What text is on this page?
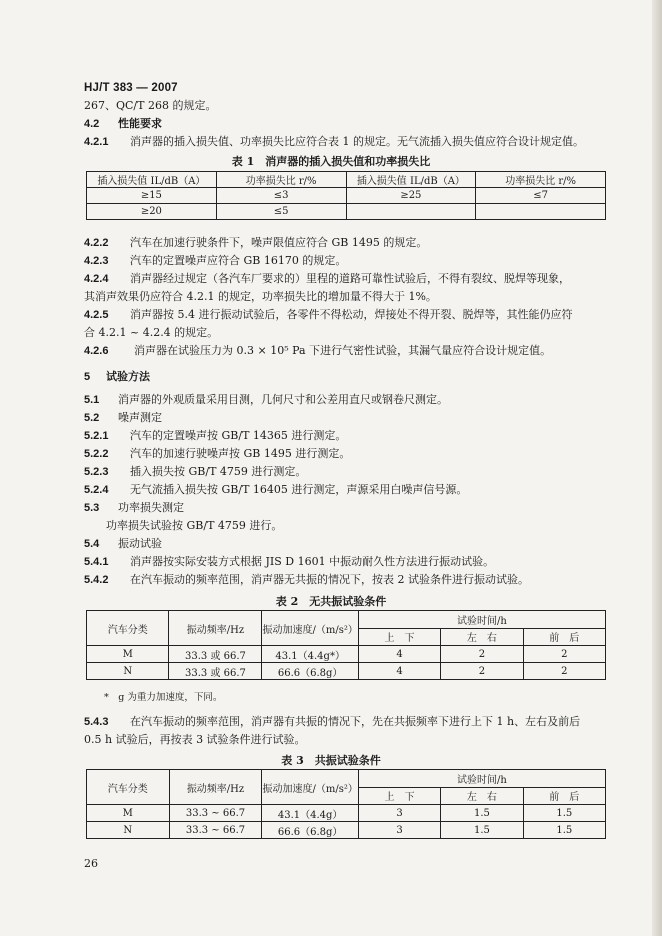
HJ/T 383 — 2007
267、QC/T 268 的规定。
4.2 性能要求
4.2.1 消声器的插入损失值、功率损失比应符合表 1 的规定。无气流插入损失值应符合设计规定值。
表 1　消声器的插入损失值和功率损失比
插入损失值 IL/dB（A）	功率损失比 r/%	插入损失值 IL/dB（A）	功率损失比 r/%
≥15	≤3	≥25	≤7
≥20	≤5		
4.2.2 汽车在加速行驶条件下，噪声限值应符合 GB 1495 的规定。
4.2.3 汽车的定置噪声应符合 GB 16170 的规定。
4.2.4 消声器经过规定（各汽车厂要求的）里程的道路可靠性试验后，不得有裂纹、脱焊等现象，
其消声效果仍应符合 4.2.1 的规定，功率损失比的增加量不得大于 1%。
4.2.5 消声器按 5.4 进行振动试验后，各零件不得松动，焊接处不得开裂、脱焊等，其性能仍应符
合 4.2.1 ~ 4.2.4 的规定。
4.2.6 消声器在试验压力为 0.3 × 10⁵ Pa 下进行气密性试验，其漏气量应符合设计规定值。
5 试验方法
5.1 消声器的外观质量采用目测，几何尺寸和公差用直尺或钢卷尺测定。
5.2 噪声测定
5.2.1 汽车的定置噪声按 GB/T 14365 进行测定。
5.2.2 汽车的加速行驶噪声按 GB 1495 进行测定。
5.2.3 插入损失按 GB/T 4759 进行测定。
5.2.4 无气流插入损失按 GB/T 16405 进行测定，声源采用白噪声信号源。
5.3 功率损失测定
功率损失试验按 GB/T 4759 进行。
5.4 振动试验
5.4.1 消声器按实际安装方式根据 JIS D 1601 中振动耐久性方法进行振动试验。
5.4.2 在汽车振动的频率范围，消声器无共振的情况下，按表 2 试验条件进行振动试验。
表 2　无共振试验条件
汽车分类	振动频率/Hz	振动加速度/（m/s²）	试验时间/h		
			上　下	左　右	前　后
M	33.3 或 66.7	43.1（4.4g*）	4	2	2
N	33.3 或 66.7	66.6（6.8g）	4	2	2
*　g 为重力加速度，下同。
5.4.3 在汽车振动的频率范围，消声器有共振的情况下，先在共振频率下进行上下 1 h、左右及前后
0.5 h 试验后，再按表 3 试验条件进行试验。
表 3　共振试验条件
汽车分类	振动频率/Hz	振动加速度/（m/s²）	试验时间/h		
			上　下	左　右	前　后
M	33.3 ~ 66.7	43.1（4.4g）	3	1.5	1.5
N	33.3 ~ 66.7	66.6（6.8g）	3	1.5	1.5
26
